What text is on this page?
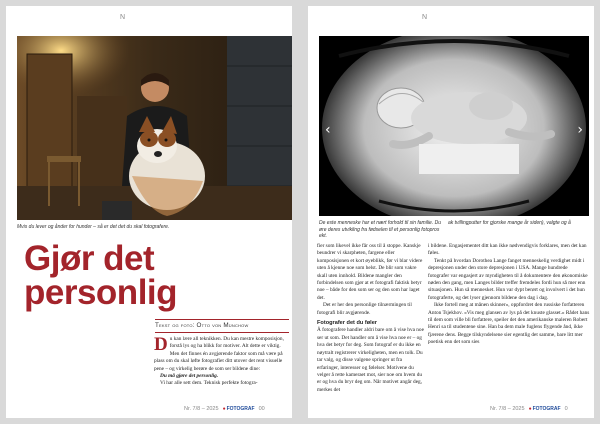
N
Mvis du lever og ånder for hunder – så er det det du skal fotografere.
Gjør det
personlig
Tekst og foto: Otto von Münchow

Du kan lære all teknikken. Du kan mestre komposisjon, forstå lys og ha blikk for motiver. Alt dette er viktig. Men det finnes én avgjørende faktor som må være på plass om du skal løfte fotografiet ditt utover det rent visuelle pene – og virkelig berøre de som ser bildene dine:

Du må gjøre det personlig.

Vi har alle sett dem. Teknisk perfekte fotogra-

Nr. 7/8 – 2025 ● FOTOGRAF 00
N
‹	›
De este menneske har et nært forhold til sin familie. Du øre deres utvikling fra fødselen til et personlig fotopros ekt.
ak tvillingputter for gjorske mange år siden), valgte og å

i bildene. Engasjementet ditt kan ikke nødvendigvis forklares, men det kan føles.

Tenkt på hvordan Dorothea Lange fanget menneskelig verdighet midt i depresjonen under den store depresjonen i USA. Mange hundrede fotografer var engasjert av myndigheten til å dokumentere den økonomiske nøden den gang, men Langes bilder treffer fremdeles fordi hun så mer enn situasjonen. Hun så mennesket. Hun var dypt berørt og involvert i det hun fotograferte, og det lyser gjennom bildene den dag i dag.

Ikke fortell meg at månen skinner», oppfordret den russiske forfatteren Anton Tsjekhov. «Vis meg glansen av lys på det knuste glasset.» Rådet hans til dem som ville bli forfattere, speiler det den amerikanske maleren Robert Henri sa til studentene sine. Han ba dem male fuglens flygende ånd, ikke fjærene dens. Begge tilskyndelsene sier egentlig det samme, bare litt mer poetisk enn det som sies

Nr. 7/8 – 2025 ● FOTOGRAF 0

fier som likevel ikke får oss til å stoppe. Kanskje beundrer vi skarpheten, fargene eller komposisjonen et kort øyeblikk, før vi blar videre uten å kjenne noe som helst. De blir som vakre skall uten innhold. Bildene mangler den forbindelsen som gjør at et fotografi faktisk betyr noe – både for den som ser og den som har laget det.

Det er her den personlige tilnærmingen til fotografi blir avgjørende.

Fotografer det du føler

Å fotografere handler aldri bare om å vise hva noe ser ut som. Det handler om å vise hva noe er – og hva det betyr for deg. Som fotograf er du ikke en nøytralt registrerer virkeligheten, men en tolk. Du tar valg, og disse valgene springer ut fra erfaringer, interesser og følelser. Motivene du velger å rette kameraet mot, sier noe om hvem du er og hva du bryr deg om. Når motivet angår deg, merkes det
